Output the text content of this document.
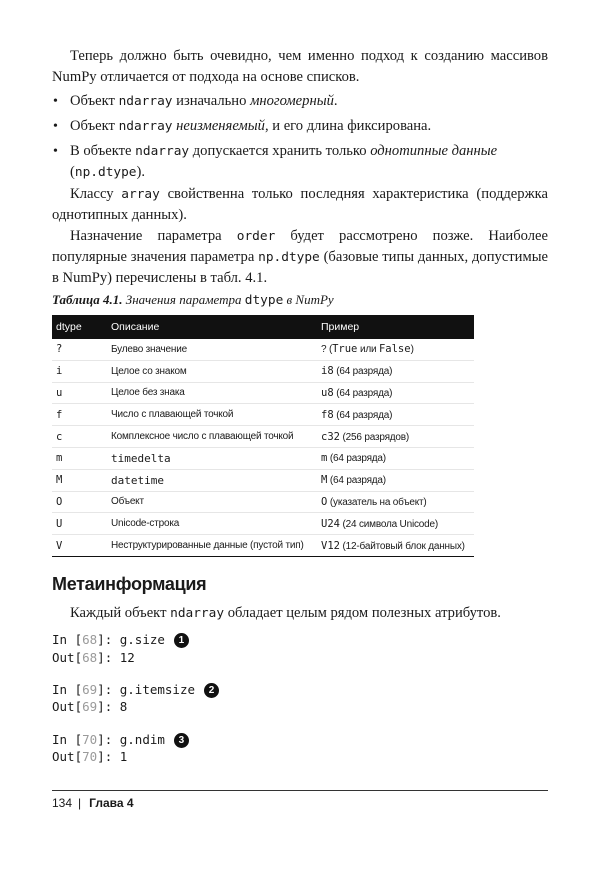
Теперь должно быть очевидно, чем именно подход к созданию массивов NumPy отличается от подхода на основе списков.
• Объект ndarray изначально многомерный.
• Объект ndarray неизменяемый, и его длина фиксирована.
• В объекте ndarray допускается хранить только однотипные данные (np.dtype).
Классу array свойственна только последняя характеристика (поддержка однотипных данных).
Назначение параметра order будет рассмотрено позже. Наиболее популярные значения параметра np.dtype (базовые типы данных, допустимые в NumPy) перечислены в табл. 4.1.
Таблица 4.1. Значения параметра dtype в NumPy
dtype	Описание	Пример
?	Булево значение	? (True или False)
i	Целое со знаком	i8 (64 разряда)
u	Целое без знака	u8 (64 разряда)
f	Число с плавающей точкой	f8 (64 разряда)
c	Комплексное число с плавающей точкой	c32 (256 разрядов)
m	timedelta	m (64 разряда)
M	datetime	M (64 разряда)
O	Объект	O (указатель на объект)
U	Unicode-строка	U24 (24 символа Unicode)
V	Неструктурированные данные (пустой тип)	V12 (12-байтовый блок данных)
Метаинформация
Каждый объект ndarray обладает целым рядом полезных атрибутов.
In [68]: g.size 1
Out[68]: 12
In [69]: g.itemsize 2
Out[69]: 8
In [70]: g.ndim 3
Out[70]: 1
134 | Глава 4
